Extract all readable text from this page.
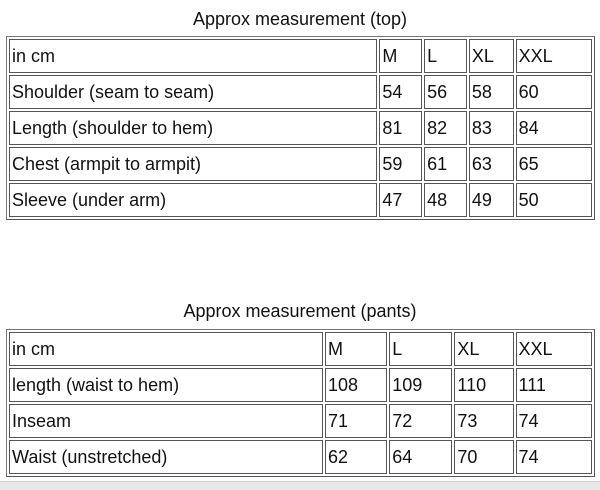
Approx measurement (top)
in cm	M	L	XL	XXL
Shoulder (seam to seam)	54	56	58	60
Length (shoulder to hem)	81	82	83	84
Chest (armpit to armpit)	59	61	63	65
Sleeve (under arm)	47	48	49	50
Approx measurement (pants)
in cm	M	L	XL	XXL
length (waist to hem)	108	109	110	111
Inseam	71	72	73	74
Waist (unstretched)	62	64	70	74
